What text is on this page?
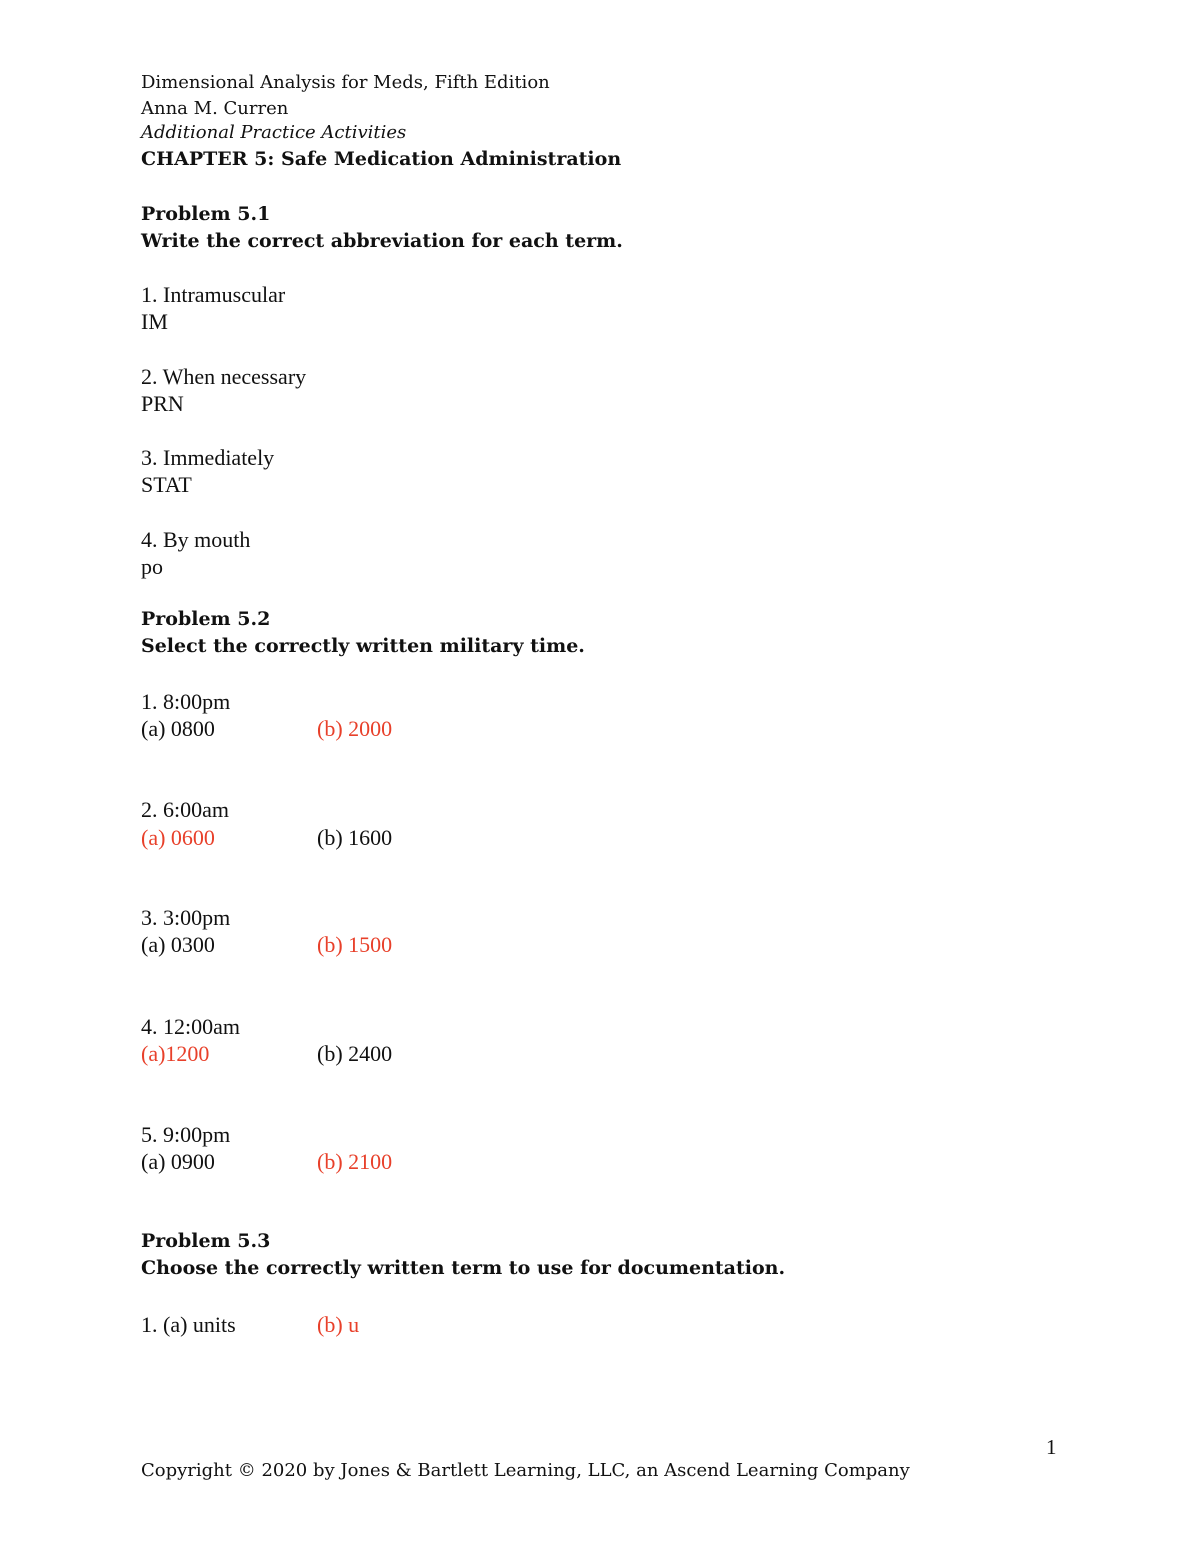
Dimensional Analysis for Meds, Fifth Edition
Anna M. Curren
Additional Practice Activities
CHAPTER 5: Safe Medication Administration
Problem 5.1
Write the correct abbreviation for each term.
1. Intramuscular
IM
2. When necessary
PRN
3. Immediately
STAT
4. By mouth
po
Problem 5.2
Select the correctly written military time.
1. 8:00pm
(a) 0800	(b) 2000
2. 6:00am
(a) 0600	(b) 1600
3. 3:00pm
(a) 0300	(b) 1500
4. 12:00am
(a)1200	(b) 2400
5. 9:00pm
(a) 0900	(b) 2100
Problem 5.3
Choose the correctly written term to use for documentation.
1. (a) units	(b) u
1
Copyright © 2020 by Jones & Bartlett Learning, LLC, an Ascend Learning Company
